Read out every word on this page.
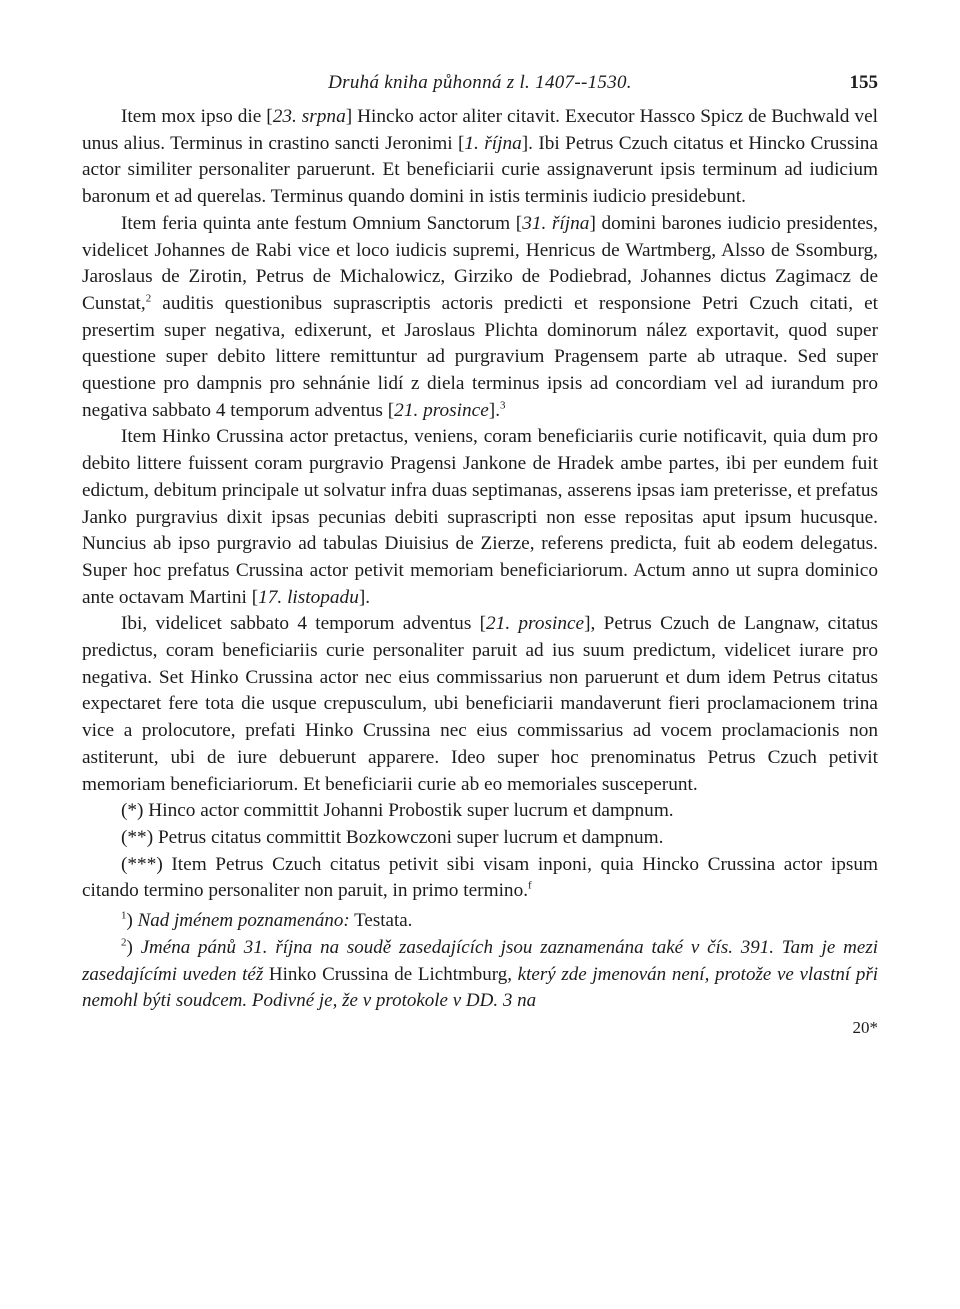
Druhá kniha půhonná z l. 1407--1530.	155

Item mox ipso die [23. srpna] Hincko actor aliter citavit. Executor Hassco Spicz de Buchwald vel unus alius. Terminus in crastino sancti Jeronimi [1. října]. Ibi Petrus Czuch citatus et Hincko Crussina actor similiter personaliter paruerunt. Et beneficiarii curie assignaverunt ipsis terminum ad iudicium baronum et ad querelas. Terminus quando domini in istis terminis iudicio presidebunt.

Item feria quinta ante festum Omnium Sanctorum [31. října] domini barones iudicio presidentes, videlicet Johannes de Rabi vice et loco iudicis supremi, Henricus de Wartmberg, Alsso de Ssomburg, Jaroslaus de Zirotin, Petrus de Michalowicz, Girziko de Podiebrad, Johannes dictus Zagimacz de Cunstat,$^2$ auditis questionibus suprascriptis actoris predicti et responsione Petri Czuch citati, et presertim super negativa, edixerunt, et Jaroslaus Plichta dominorum nález exportavit, quod super questione super debito littere remittuntur ad purgravium Pragensem parte ab utraque. Sed super questione pro dampnis pro sehnánie lidí z diela terminus ipsis ad concordiam vel ad iurandum pro negativa sabbato 4 temporum adventus [21. prosince].$^3$

Item Hinko Crussina actor pretactus, veniens, coram beneficiariis curie notificavit, quia dum pro debito littere fuissent coram purgravio Pragensi Jankone de Hradek ambe partes, ibi per eundem fuit edictum, debitum principale ut solvatur infra duas septimanas, asserens ipsas iam preterisse, et prefatus Janko purgravius dixit ipsas pecunias debiti suprascripti non esse repositas aput ipsum hucusque. Nuncius ab ipso purgravio ad tabulas Diuisius de Zierze, referens predicta, fuit ab eodem delegatus. Super hoc prefatus Crussina actor petivit memoriam beneficiariorum. Actum anno ut supra dominico ante octavam Martini [17. listopadu].

Ibi, videlicet sabbato 4 temporum adventus [21. prosince], Petrus Czuch de Langnaw, citatus predictus, coram beneficiariis curie personaliter paruit ad ius suum predictum, videlicet iurare pro negativa. Set Hinko Crussina actor nec eius commissarius non paruerunt et dum idem Petrus citatus expectaret fere tota die usque crepusculum, ubi beneficiarii mandaverunt fieri proclamacionem trina vice a prolocutore, prefati Hinko Crussina nec eius commissarius ad vocem proclamacionis non astiterunt, ubi de iure debuerunt apparere. Ideo super hoc prenominatus Petrus Czuch petivit memoriam beneficiariorum. Et beneficiarii curie ab eo memoriales susceperunt.

(*) Hinco actor committit Johanni Probostik super lucrum et dampnum.

(**) Petrus citatus committit Bozkowczoni super lucrum et dampnum.

(***) Item Petrus Czuch citatus petivit sibi visam inponi, quia Hincko Crussina actor ipsum citando termino personaliter non paruit, in primo termino.$^f$

$^1$) Nad jménem poznamenáno: Testata.

$^2$) Jména pánů 31. října na soudě zasedajících jsou zaznamenána také v čís. 391. Tam je mezi zasedajícími uveden též Hinko Crussina de Lichtmburg, který zde jmenován není, protože ve vlastní při nemohl býti soudcem. Podivné je, že v protokole v DD. 3 na

20*
